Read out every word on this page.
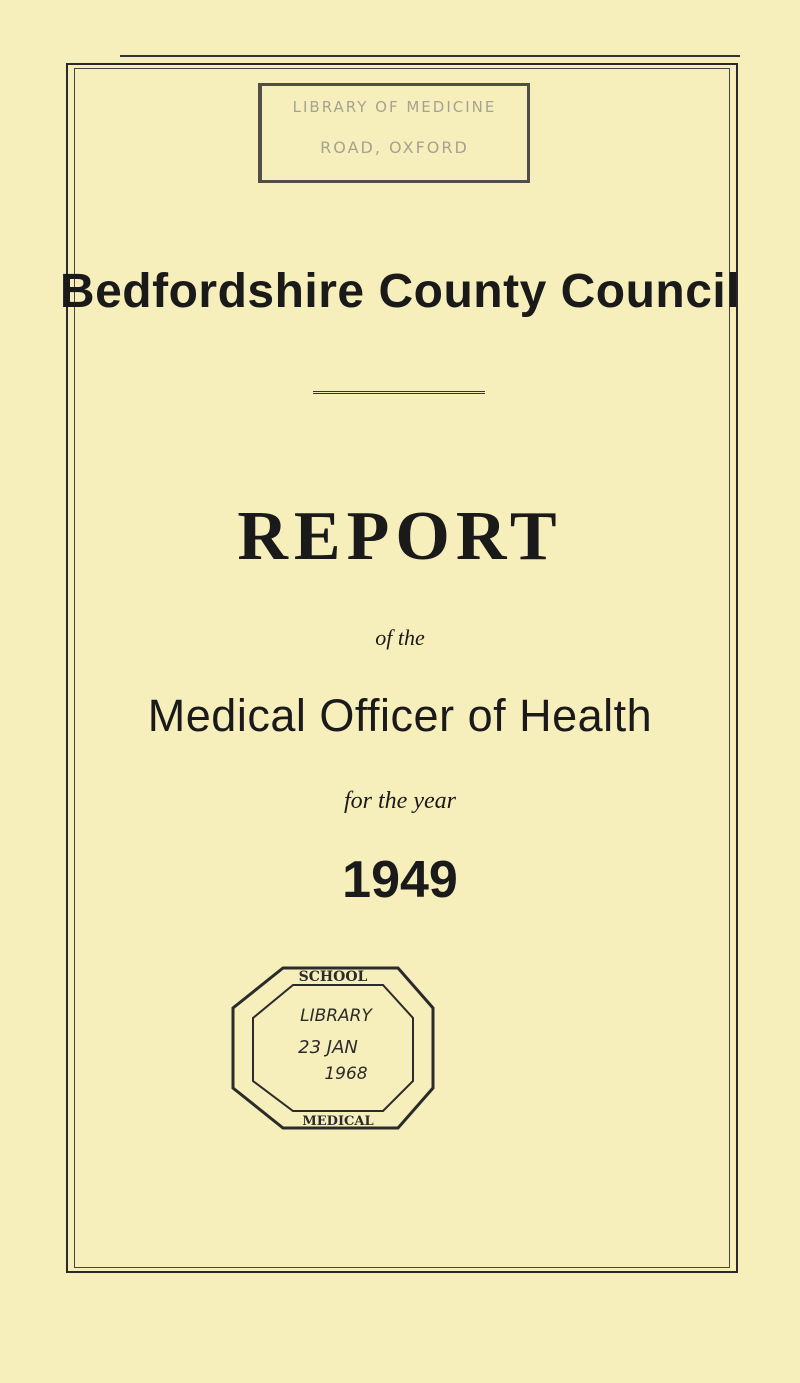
LIBRARY OF MEDICINE
ROAD, OXFORD
Bedfordshire County Council
REPORT
of the
Medical Officer of Health
for the year
1949
SCHOOL
LIBRARY
23 JAN
1968
MEDICAL
